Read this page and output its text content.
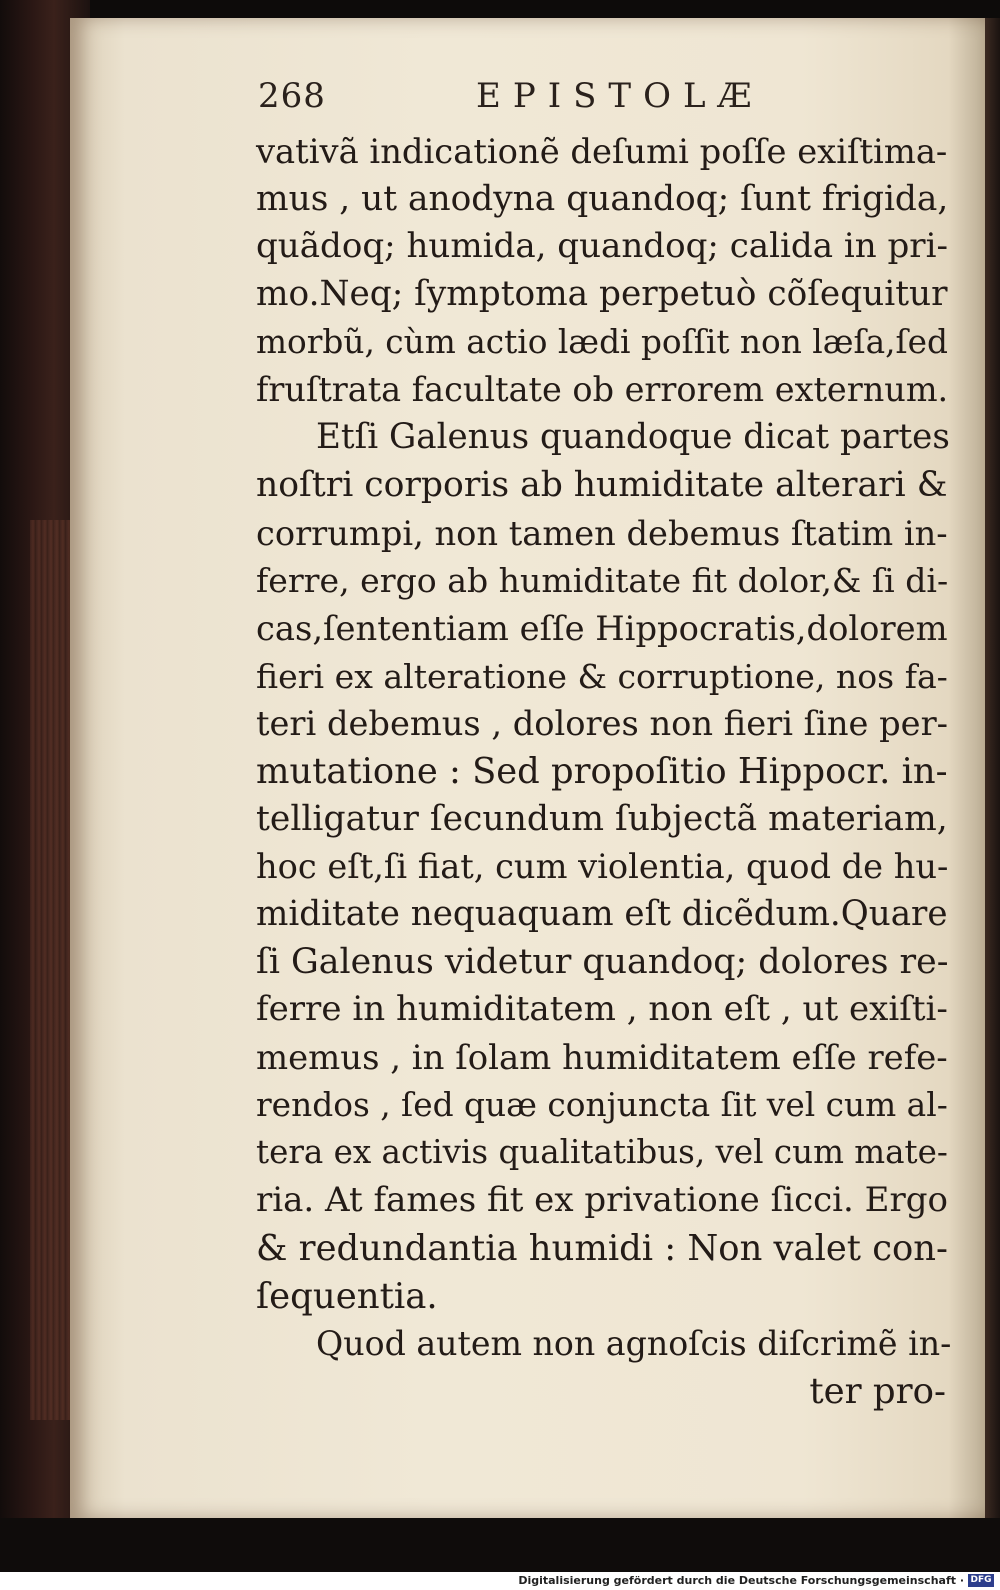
268	EPISTOLÆ
vativã indicationẽ deſumi poſſe exiſtima-
mus , ut anodyna quandoq; ſunt frigida,
quãdoq; humida, quandoq; calida in pri-
mo.Neq; ſymptoma perpetuò cõſequitur
morbũ, cùm actio lædi poſſit non læſa,ſed
fruſtrata facultate ob errorem externum.
Etſi Galenus quandoque dicat partes
noſtri corporis ab humiditate alterari &
corrumpi, non tamen debemus ſtatim in-
ferre, ergo ab humiditate fit dolor,& ſi di-
cas,ſententiam eſſe Hippocratis,dolorem
fieri ex alteratione & corruptione, nos fa-
teri debemus , dolores non fieri ſine per-
mutatione : Sed propoſitio Hippocr. in-
telligatur ſecundum ſubjectã materiam,
hoc eſt,ſi fiat, cum violentia, quod de hu-
miditate nequaquam eſt dicẽdum.Quare
ſi Galenus videtur quandoq; dolores re-
ferre in humiditatem , non eſt , ut exiſti-
memus , in ſolam humiditatem eſſe refe-
rendos , ſed quæ conjuncta ſit vel cum al-
tera ex activis qualitatibus, vel cum mate-
ria. At fames fit ex privatione ſicci. Ergo
& redundantia humidi : Non valet con-
ſequentia.
Quod autem non agnoſcis diſcrimẽ in-
ter pro-
Digitalisierung gefördert durch die Deutsche Forschungsgemeinschaft · DFG
